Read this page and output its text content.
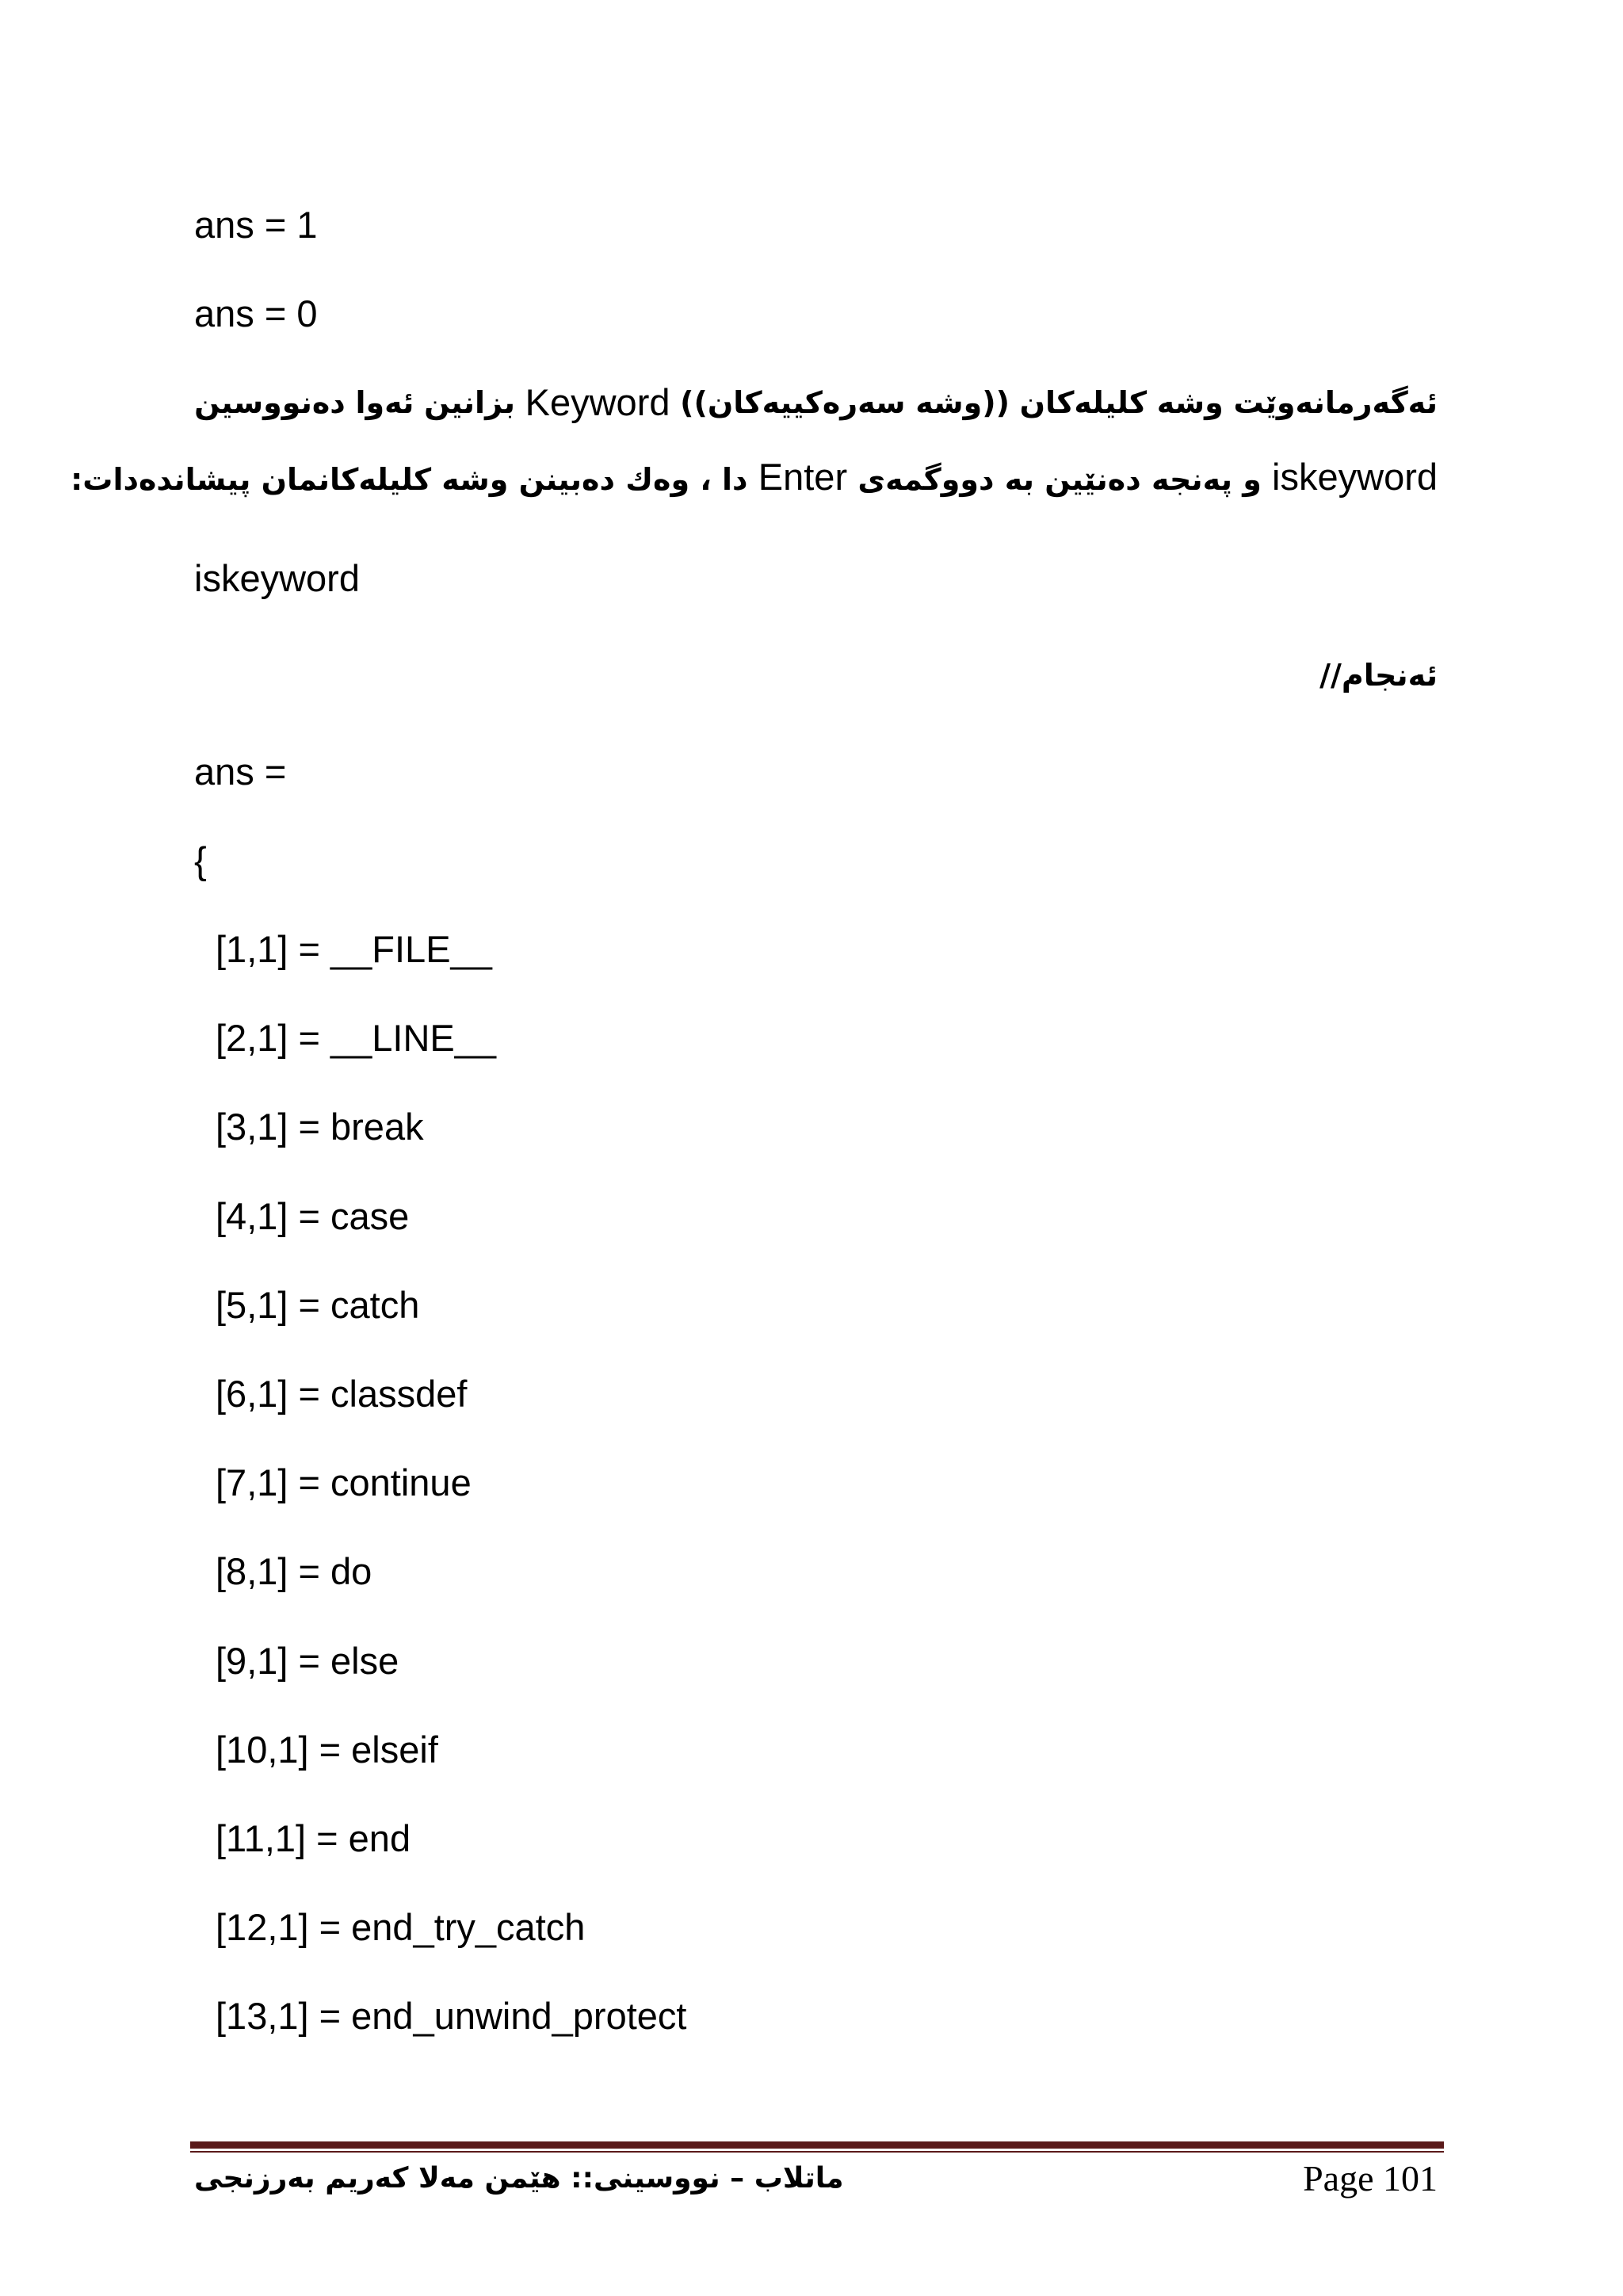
ans = 1
ans = 0
ئەگەرمانەوێت
وشە
کلیلەکان
((وشە
سەرەکییەکان))
Keyword
بزانین
ئەوا
دەنووسین
iskeyword و پەنجە دەنێین بە دووگمەی Enter دا ، وەك دەبینن وشە کلیلەکانمان پیشاندەدات:
iskeyword
ئەنجام//
ans =
{
[1,1] = __FILE__
[2,1] = __LINE__
[3,1] = break
[4,1] = case
[5,1] = catch
[6,1] = classdef
[7,1] = continue
[8,1] = do
[9,1] = else
[10,1] = elseif
[11,1] = end
[12,1] = end_try_catch
[13,1] = end_unwind_protect
ماتلاب – نووسینی:: هێمن مەلا کەریم بەرزنجی	Page 101
